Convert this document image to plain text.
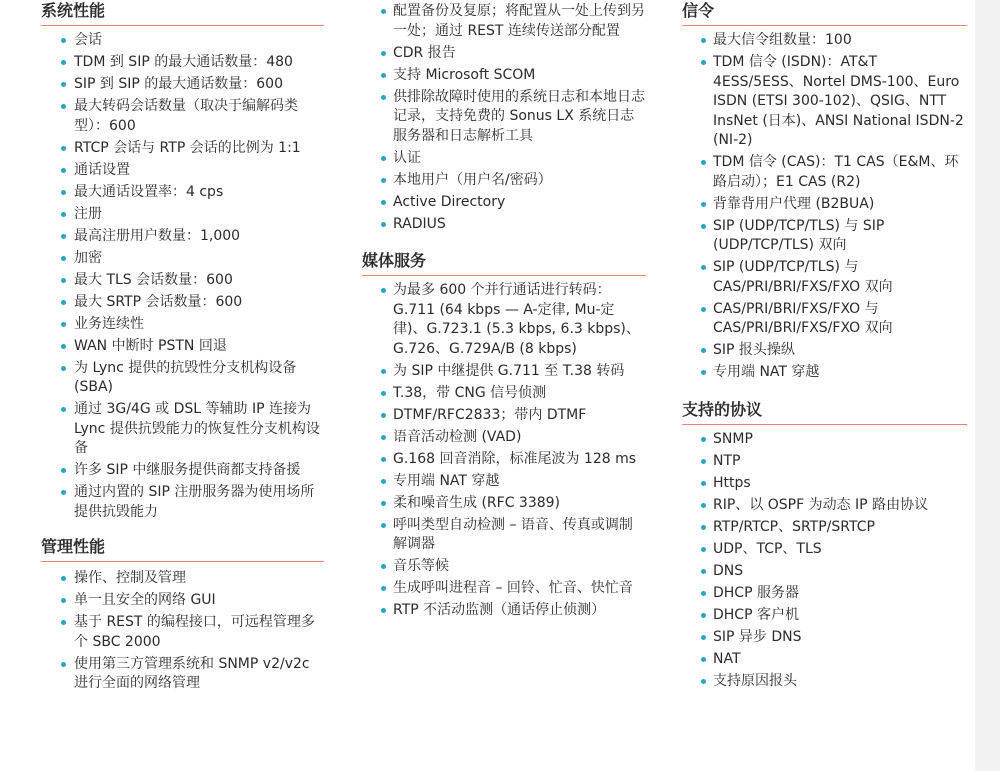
系统性能
会话
TDM 到 SIP 的最大通话数量：480
SIP 到 SIP 的最大通话数量：600
最大转码会话数量（取决于编解码类型）：600
RTCP 会话与 RTP 会话的比例为 1:1
通话设置
最大通话设置率：4 cps
注册
最高注册用户数量：1,000
加密
最大 TLS 会话数量：600
最大 SRTP 会话数量：600
业务连续性
WAN 中断时 PSTN 回退
为 Lync 提供的抗毁性分支机构设备 (SBA)
通过 3G/4G 或 DSL 等辅助 IP 连接为 Lync 提供抗毁能力的恢复性分支机构设备
许多 SIP 中继服务提供商都支持备援
通过内置的 SIP 注册服务器为使用场所提供抗毁能力
管理性能
操作、控制及管理
单一且安全的网络 GUI
基于 REST 的编程接口，可远程管理多个 SBC 2000
使用第三方管理系统和 SNMP v2/v2c 进行全面的网络管理
配置备份及复原；将配置从一处上传到另一处；通过 REST 连续传送部分配置
CDR 报告
支持 Microsoft SCOM
供排除故障时使用的系统日志和本地日志记录，支持免费的 Sonus LX 系统日志服务器和日志解析工具
认证
本地用户（用户名/密码）
Active Directory
RADIUS
媒体服务
为最多 600 个并行通话进行转码：G.711 (64 kbps — A-定律, Mu-定律)、G.723.1 (5.3 kbps, 6.3 kbps)、G.726、G.729A/B (8 kbps)
为 SIP 中继提供 G.711 至 T.38 转码
T.38，带 CNG 信号侦测
DTMF/RFC2833；带内 DTMF
语音活动检测 (VAD)
G.168 回音消除，标准尾波为 128 ms
专用端 NAT 穿越
柔和噪音生成 (RFC 3389)
呼叫类型自动检测 – 语音、传真或调制解调器
音乐等候
生成呼叫进程音 – 回铃、忙音、快忙音
RTP 不活动监测（通话停止侦测）
信令
最大信令组数量：100
TDM 信令 (ISDN)：AT&T 4ESS/5ESS、Nortel DMS-100、Euro ISDN (ETSI 300-102)、QSIG、NTT InsNet (日本)、ANSI National ISDN-2 (NI-2)
TDM 信令 (CAS)：T1 CAS（E&M、环路启动）；E1 CAS (R2)
背靠背用户代理 (B2BUA)
SIP (UDP/TCP/TLS) 与 SIP (UDP/TCP/TLS) 双向
SIP (UDP/TCP/TLS) 与 CAS/PRI/BRI/FXS/FXO 双向
CAS/PRI/BRI/FXS/FXO 与 CAS/PRI/BRI/FXS/FXO 双向
SIP 报头操纵
专用端 NAT 穿越
支持的协议
SNMP
NTP
Https
RIP、以 OSPF 为动态 IP 路由协议
RTP/RTCP、SRTP/SRTCP
UDP、TCP、TLS
DNS
DHCP 服务器
DHCP 客户机
SIP 异步 DNS
NAT
支持原因报头
